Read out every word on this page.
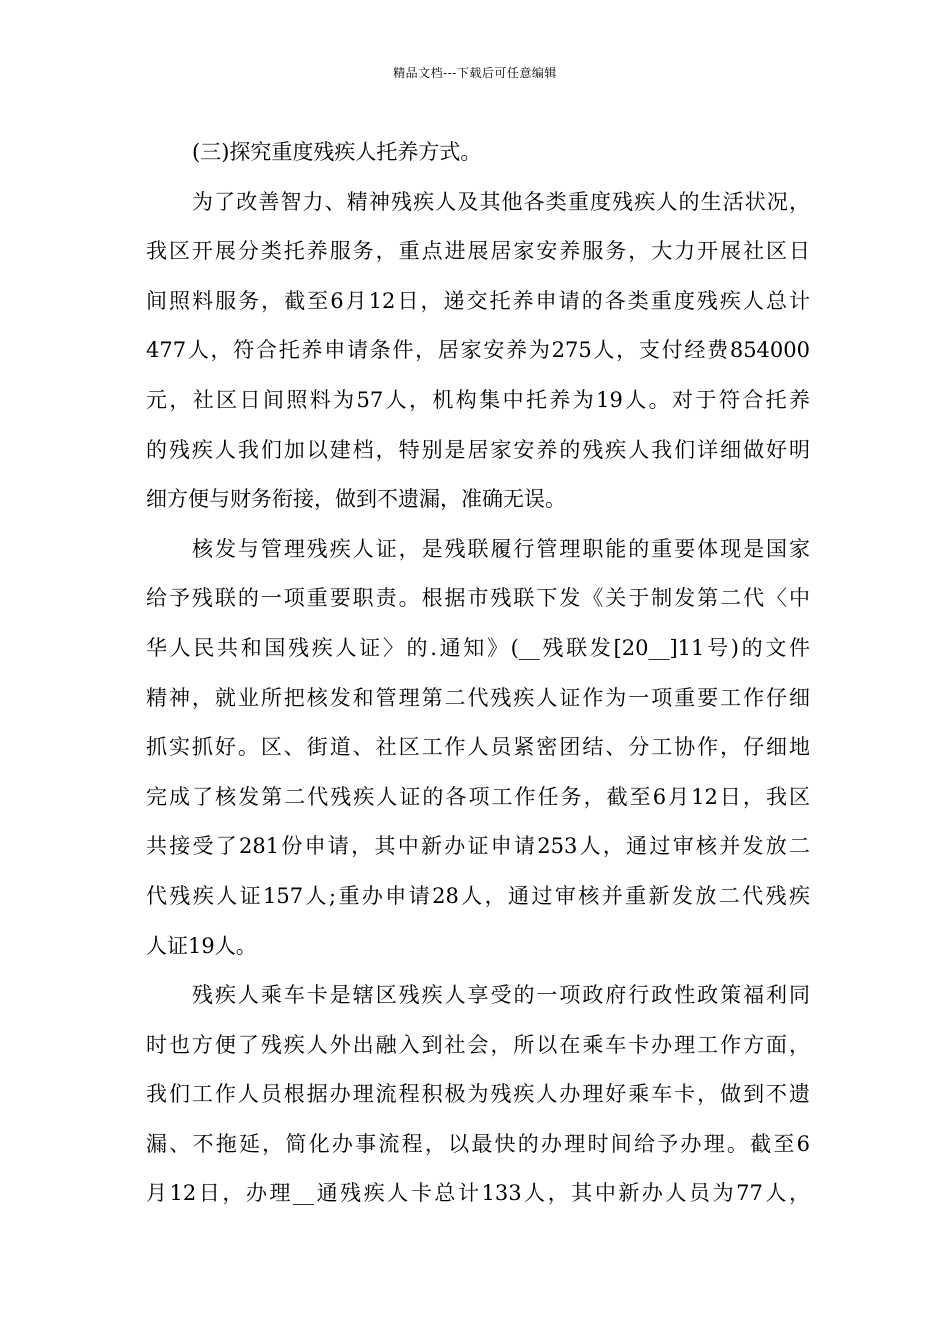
精品文档---下载后可任意编辑
(三)探究重度残疾人托养方式。
为了改善智力、精神残疾人及其他各类重度残疾人的生活状况，
我区开展分类托养服务，重点进展居家安养服务，大力开展社区日
间照料服务，截至6月12日，递交托养申请的各类重度残疾人总计
477人，符合托养申请条件，居家安养为275人，支付经费854000
元，社区日间照料为57人，机构集中托养为19人。对于符合托养
的残疾人我们加以建档，特别是居家安养的残疾人我们详细做好明
细方便与财务衔接，做到不遗漏，准确无误。
核发与管理残疾人证，是残联履行管理职能的重要体现是国家
给予残联的一项重要职责。根据市残联下发《关于制发第二代〈中
华人民共和国残疾人证〉的.通知》(__残联发[20__]11号)的文件
精神，就业所把核发和管理第二代残疾人证作为一项重要工作仔细
抓实抓好。区、街道、社区工作人员紧密团结、分工协作，仔细地
完成了核发第二代残疾人证的各项工作任务，截至6月12日，我区
共接受了281份申请，其中新办证申请253人，通过审核并发放二
代残疾人证157人;重办申请28人，通过审核并重新发放二代残疾
人证19人。
残疾人乘车卡是辖区残疾人享受的一项政府行政性政策福利同
时也方便了残疾人外出融入到社会，所以在乘车卡办理工作方面，
我们工作人员根据办理流程积极为残疾人办理好乘车卡，做到不遗
漏、不拖延，简化办事流程，以最快的办理时间给予办理。截至6
月12日，办理__通残疾人卡总计133人，其中新办人员为77人，
